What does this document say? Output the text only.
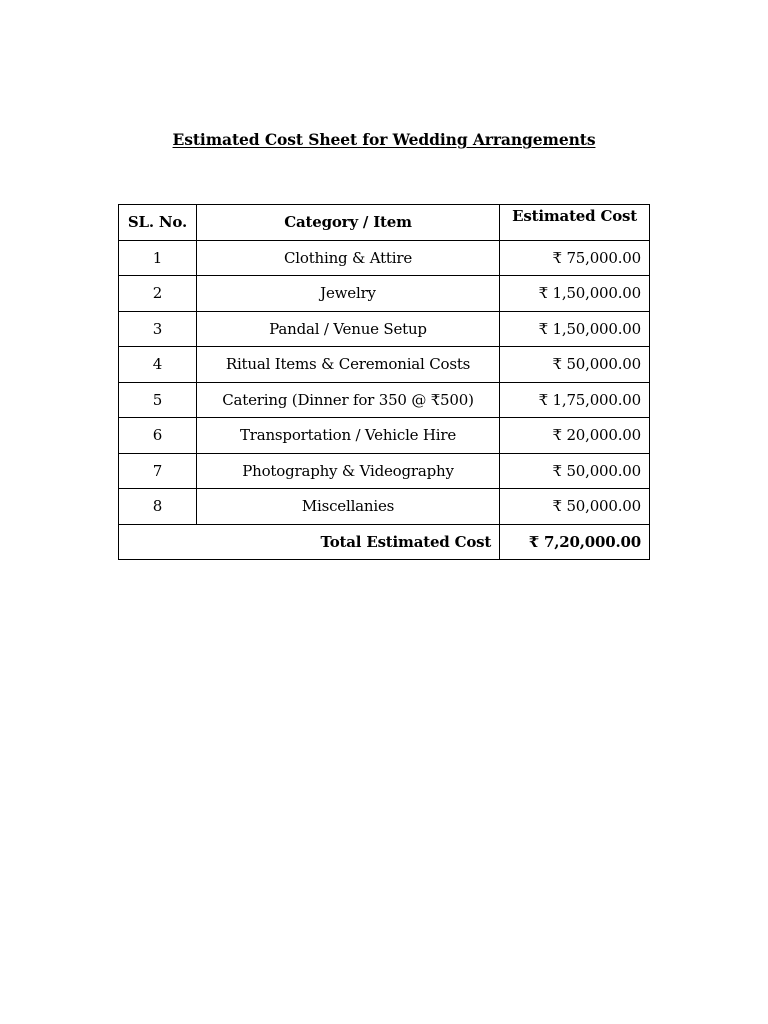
Estimated Cost Sheet for Wedding Arrangements
SL. No.	Category / Item	Estimated Cost
1	Clothing & Attire	₹ 75,000.00
2	Jewelry	₹ 1,50,000.00
3	Pandal / Venue Setup	₹ 1,50,000.00
4	Ritual Items & Ceremonial Costs	₹ 50,000.00
5	Catering (Dinner for 350 @ ₹500)	₹ 1,75,000.00
6	Transportation / Vehicle Hire	₹ 20,000.00
7	Photography & Videography	₹ 50,000.00
8	Miscellanies	₹ 50,000.00
Total Estimated Cost		₹ 7,20,000.00
